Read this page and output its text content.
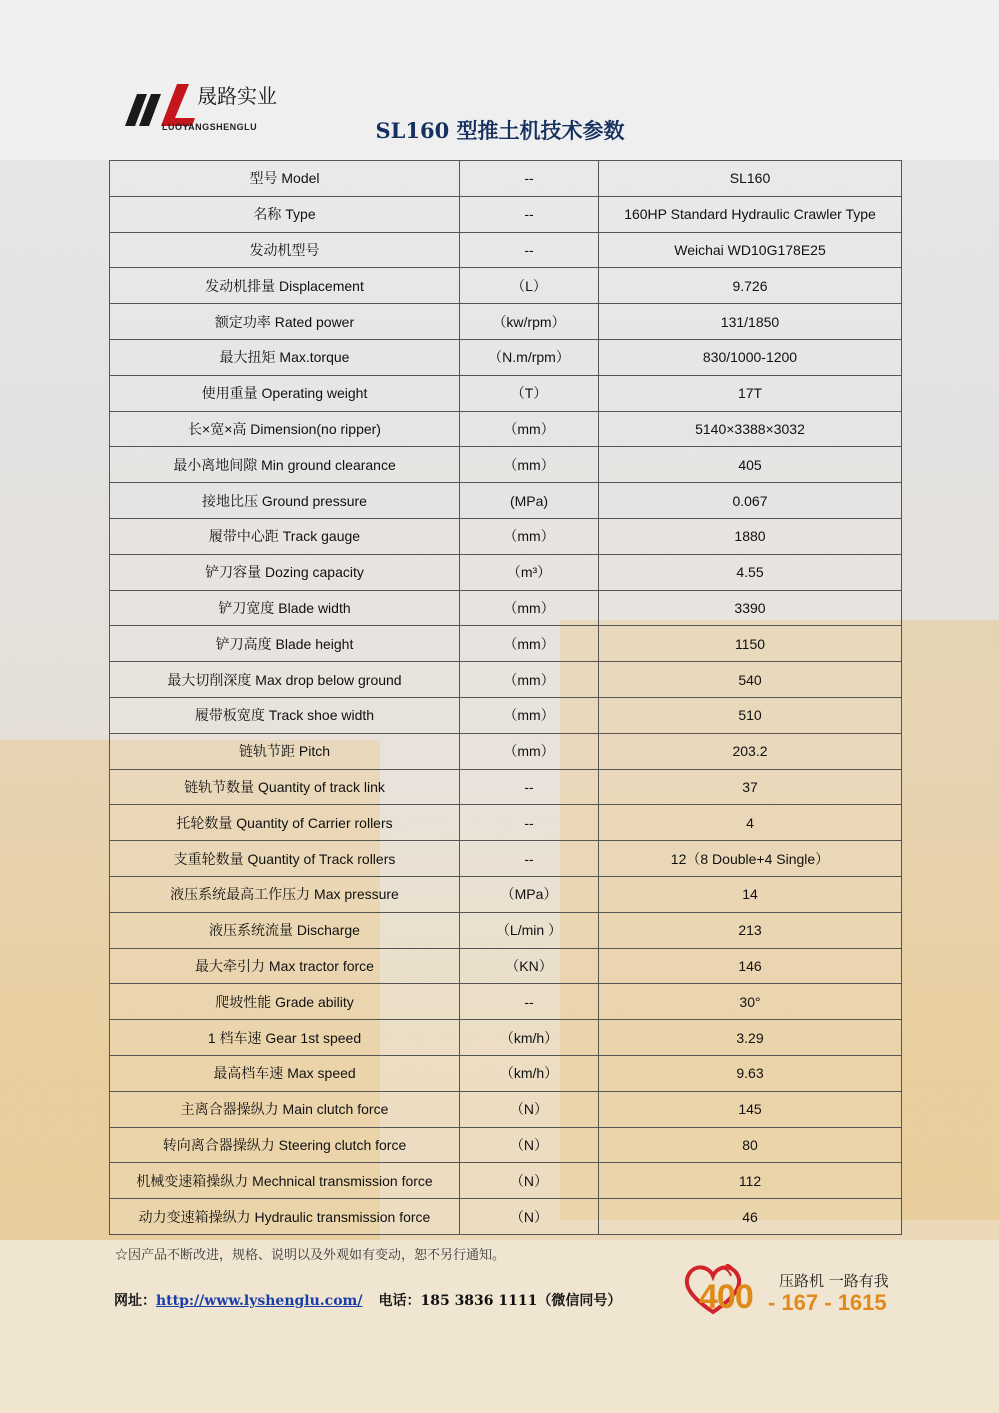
晟路实业
LUOYANGSHENGLU	SL160 型推土机技术参数
型号 Model	--	SL160
名称 Type	--	160HP Standard Hydraulic Crawler Type
发动机型号	--	Weichai WD10G178E25
发动机排量 Displacement	（L）	9.726
额定功率 Rated power	（kw/rpm）	131/1850
最大扭矩 Max.torque	（N.m/rpm）	830/1000-1200
使用重量 Operating weight	（T）	17T
长×宽×高 Dimension(no ripper)	（mm）	5140×3388×3032
最小离地间隙 Min ground clearance	（mm）	405
接地比压 Ground pressure	(MPa)	0.067
履带中心距 Track gauge	（mm）	1880
铲刀容量 Dozing capacity	（m³）	4.55
铲刀宽度 Blade width	（mm）	3390
铲刀高度 Blade height	（mm）	1150
最大切削深度 Max drop below ground	（mm）	540
履带板宽度 Track shoe width	（mm）	510
链轨节距 Pitch	（mm）	203.2
链轨节数量 Quantity of track link	--	37
托轮数量 Quantity of Carrier rollers	--	4
支重轮数量 Quantity of Track rollers	--	12（8 Double+4 Single）
液压系统最高工作压力 Max pressure	（MPa）	14
液压系统流量 Discharge	（L/min ）	213
最大牵引力 Max tractor force	（KN）	146
爬坡性能 Grade ability	--	30°
1 档车速 Gear 1st speed	（km/h）	3.29
最高档车速 Max speed	（km/h）	9.63
主离合器操纵力 Main clutch force	（N）	145
转向离合器操纵力 Steering clutch force	（N）	80
机械变速箱操纵力 Mechnical transmission force	（N）	112
动力变速箱操纵力 Hydraulic transmission force	（N）	46
☆因产品不断改进，规格、说明以及外观如有变动，恕不另行通知。
网址：http://www.lyshenglu.com/ 电话：185 3836 1111（微信同号）
压路机 一路有我
400 - 167 - 1615
